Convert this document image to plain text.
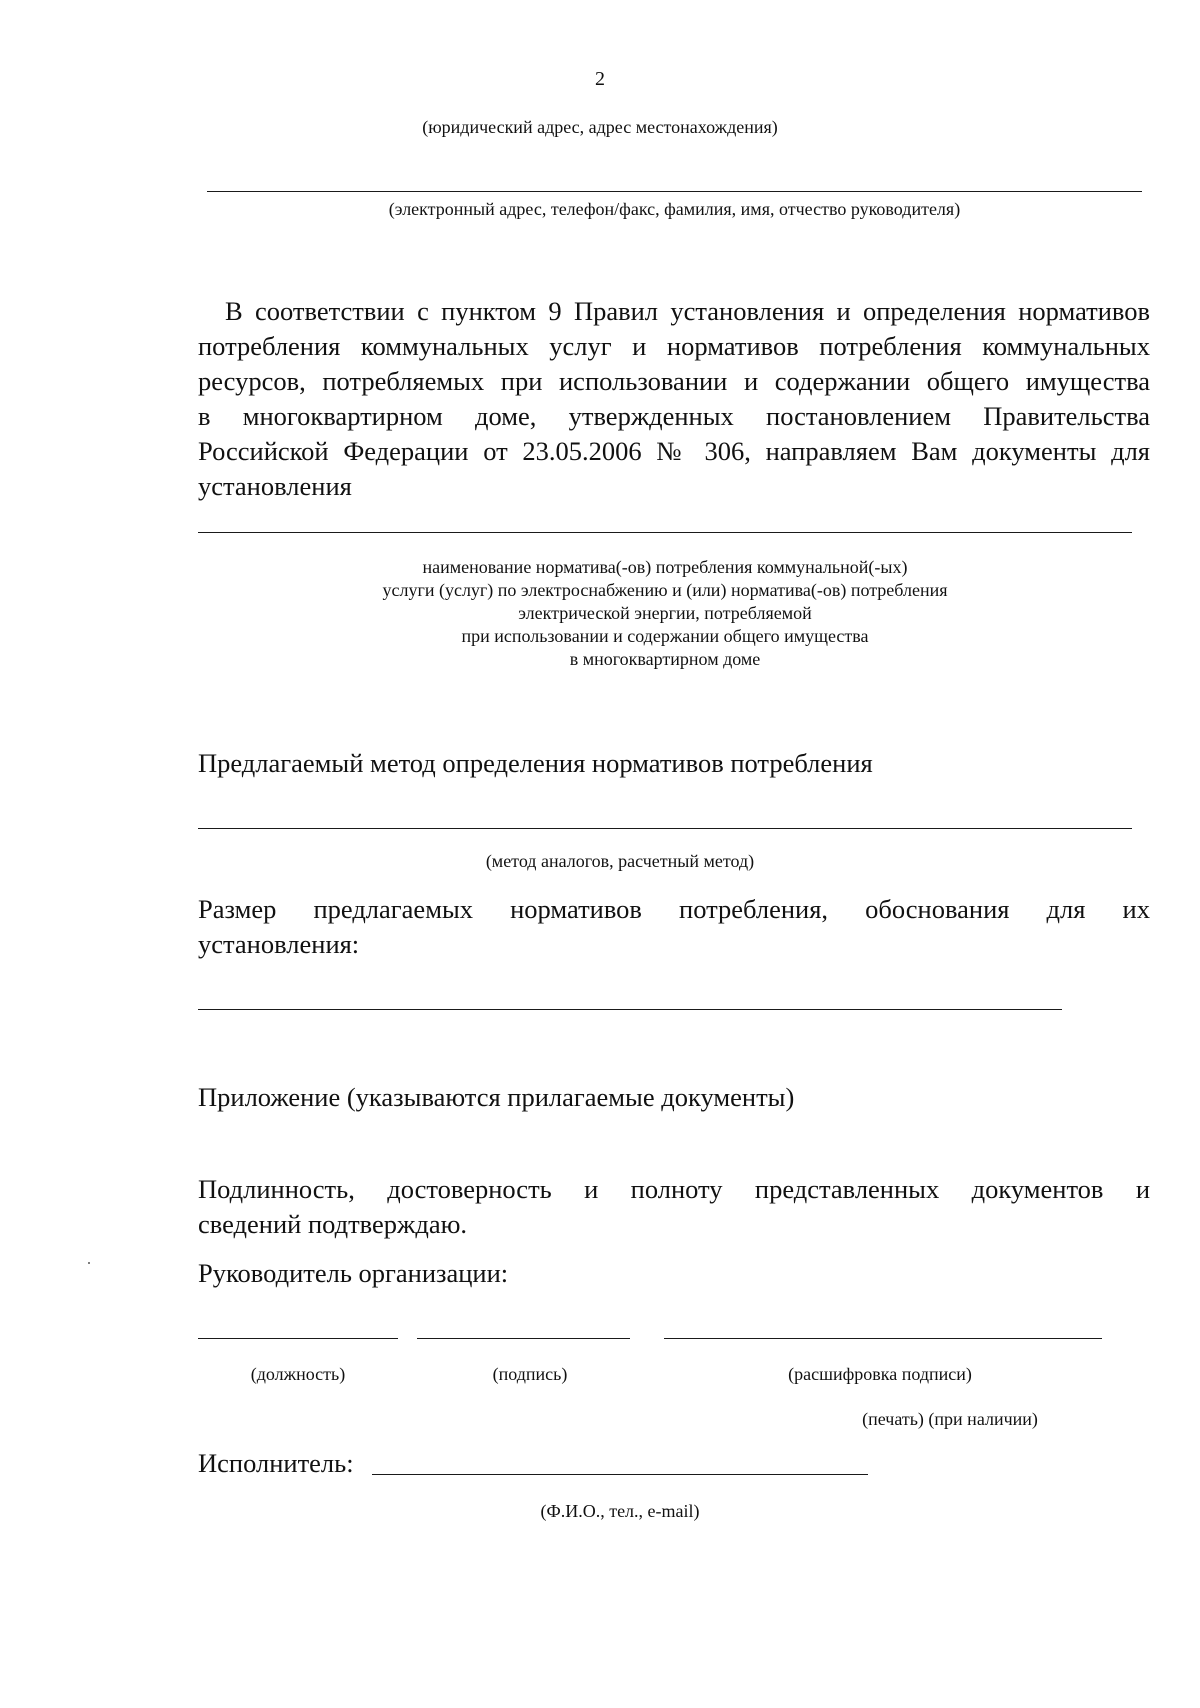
2
(юридический адрес, адрес местонахождения)
(электронный адрес, телефон/факс, фамилия, имя, отчество руководителя)
В соответствии с пунктом 9 Правил установления и определения нормативов
потребления коммунальных услуг и нормативов потребления коммунальных
ресурсов, потребляемых при использовании и содержании общего имущества
в многоквартирном доме, утвержденных постановлением Правительства
Российской Федерации от 23.05.2006 № 306, направляем Вам документы для
установления
наименование норматива(-ов) потребления коммунальной(-ых)
услуги (услуг) по электроснабжению и (или) норматива(-ов) потребления
электрической энергии, потребляемой
при использовании и содержании общего имущества
в многоквартирном доме
Предлагаемый метод определения нормативов потребления
(метод аналогов, расчетный метод)
Размер предлагаемых нормативов потребления, обоснования для их
установления:
Приложение (указываются прилагаемые документы)
Подлинность, достоверность и полноту представленных документов и
сведений подтверждаю.
Руководитель организации:
(должность)	(подпись)	(расшифровка подписи)
(печать) (при наличии)
Исполнитель:
(Ф.И.О., тел., e-mail)
